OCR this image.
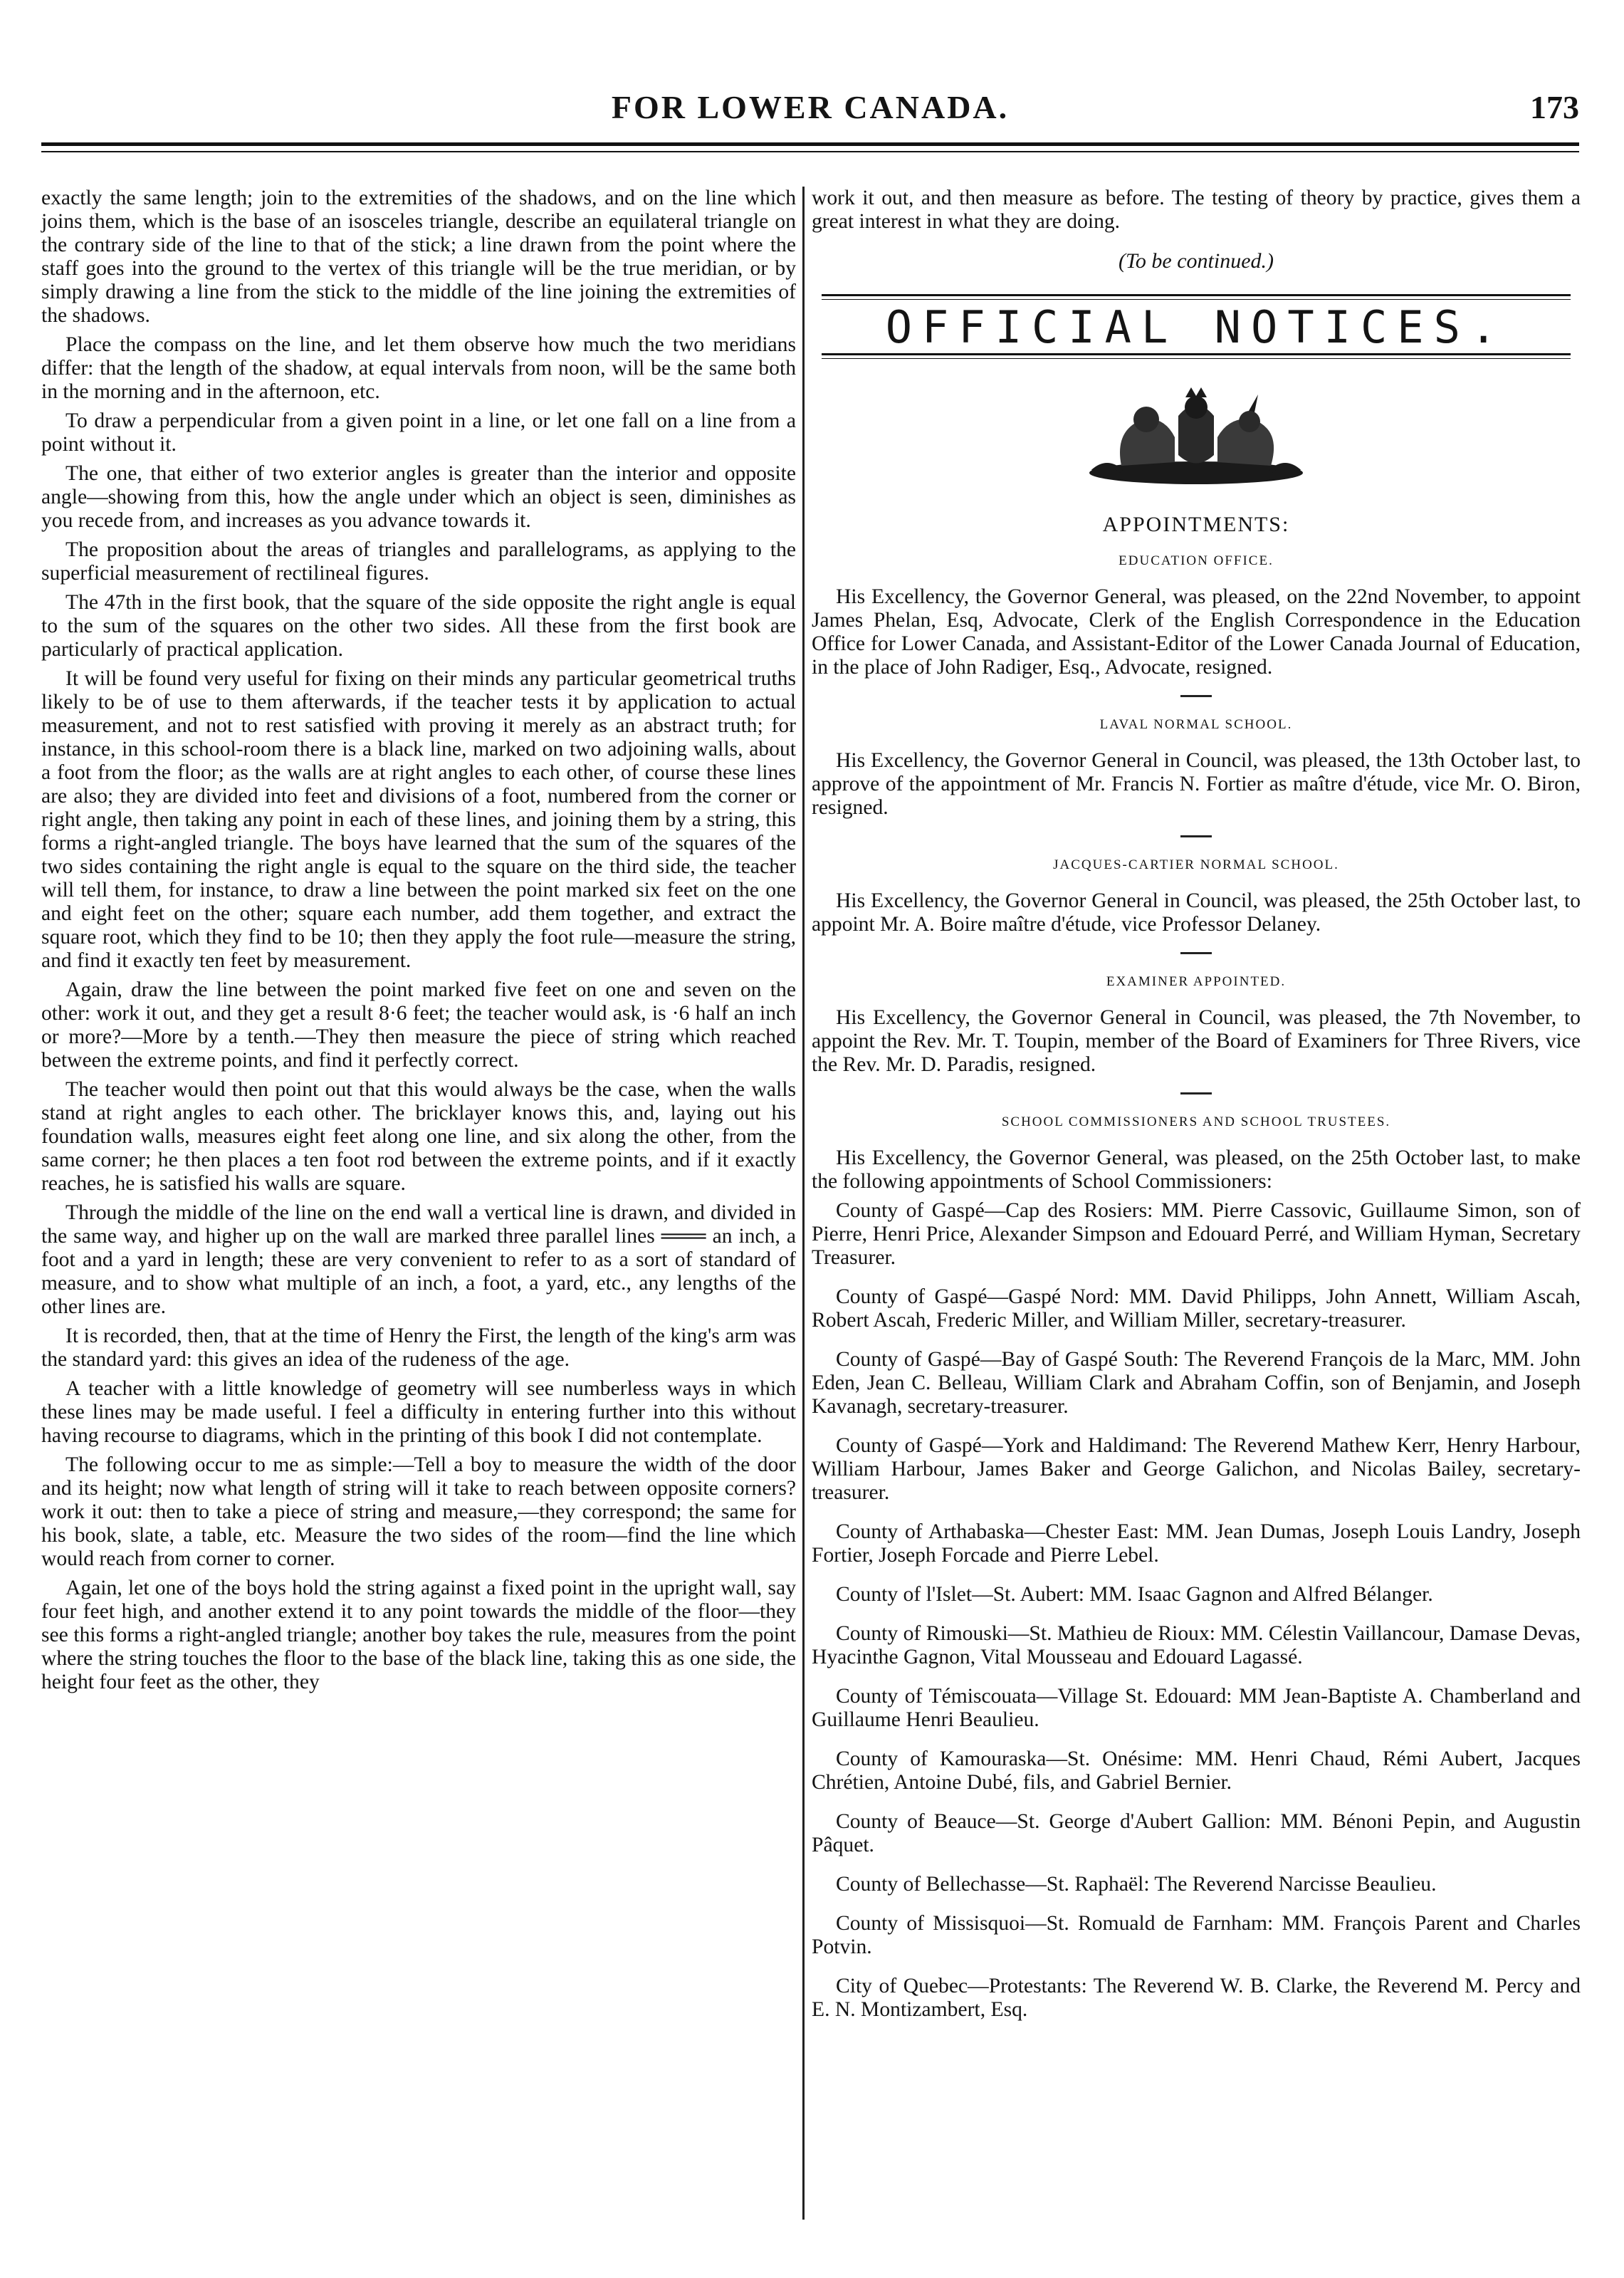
FOR LOWER CANADA.	173

exactly the same length; join to the extremities of the shadows, and on the line which joins them, which is the base of an isosceles triangle, describe an equilateral triangle on the contrary side of the line to that of the stick; a line drawn from the point where the staff goes into the ground to the vertex of this triangle will be the true meridian, or by simply drawing a line from the stick to the middle of the line joining the extremities of the shadows.

Place the compass on the line, and let them observe how much the two meridians differ: that the length of the shadow, at equal intervals from noon, will be the same both in the morning and in the afternoon, etc.

To draw a perpendicular from a given point in a line, or let one fall on a line from a point without it.

The one, that either of two exterior angles is greater than the interior and opposite angle—showing from this, how the angle under which an object is seen, diminishes as you recede from, and increases as you advance towards it.

The proposition about the areas of triangles and parallelograms, as applying to the superficial measurement of rectilineal figures.

The 47th in the first book, that the square of the side opposite the right angle is equal to the sum of the squares on the other two sides. All these from the first book are particularly of practical application.

It will be found very useful for fixing on their minds any particular geometrical truths likely to be of use to them afterwards, if the teacher tests it by application to actual measurement, and not to rest satisfied with proving it merely as an abstract truth; for instance, in this school-room there is a black line, marked on two adjoining walls, about a foot from the floor; as the walls are at right angles to each other, of course these lines are also; they are divided into feet and divisions of a foot, numbered from the corner or right angle, then taking any point in each of these lines, and joining them by a string, this forms a right-angled triangle. The boys have learned that the sum of the squares of the two sides containing the right angle is equal to the square on the third side, the teacher will tell them, for instance, to draw a line between the point marked six feet on the one and eight feet on the other; square each number, add them together, and extract the square root, which they find to be 10; then they apply the foot rule—measure the string, and find it exactly ten feet by measurement.

Again, draw the line between the point marked five feet on one and seven on the other: work it out, and they get a result 8·6 feet; the teacher would ask, is ·6 half an inch or more?—More by a tenth.—They then measure the piece of string which reached between the extreme points, and find it perfectly correct.

The teacher would then point out that this would always be the case, when the walls stand at right angles to each other. The bricklayer knows this, and, laying out his foundation walls, measures eight feet along one line, and six along the other, from the same corner; he then places a ten foot rod between the extreme points, and if it exactly reaches, he is satisfied his walls are square.

Through the middle of the line on the end wall a vertical line is drawn, and divided in the same way, and higher up on the wall are marked three parallel lines ═══ an inch, a foot and a yard in length; these are very convenient to refer to as a sort of standard of measure, and to show what multiple of an inch, a foot, a yard, etc., any lengths of the other lines are.

It is recorded, then, that at the time of Henry the First, the length of the king's arm was the standard yard: this gives an idea of the rudeness of the age.

A teacher with a little knowledge of geometry will see numberless ways in which these lines may be made useful. I feel a difficulty in entering further into this without having recourse to diagrams, which in the printing of this book I did not contemplate.

The following occur to me as simple:—Tell a boy to measure the width of the door and its height; now what length of string will it take to reach between opposite corners? work it out: then to take a piece of string and measure,—they correspond; the same for his book, slate, a table, etc. Measure the two sides of the room—find the line which would reach from corner to corner.

Again, let one of the boys hold the string against a fixed point in the upright wall, say four feet high, and another extend it to any point towards the middle of the floor—they see this forms a right-angled triangle; another boy takes the rule, measures from the point where the string touches the floor to the base of the black line, taking this as one side, the height four feet as the other, they

work it out, and then measure as before. The testing of theory by practice, gives them a great interest in what they are doing.

(To be continued.)
OFFICIAL NOTICES.
APPOINTMENTS:
EDUCATION OFFICE.

His Excellency, the Governor General, was pleased, on the 22nd November, to appoint James Phelan, Esq, Advocate, Clerk of the English Correspondence in the Education Office for Lower Canada, and Assistant-Editor of the Lower Canada Journal of Education, in the place of John Radiger, Esq., Advocate, resigned.

LAVAL NORMAL SCHOOL.

His Excellency, the Governor General in Council, was pleased, the 13th October last, to approve of the appointment of Mr. Francis N. Fortier as maître d'étude, vice Mr. O. Biron, resigned.

JACQUES-CARTIER NORMAL SCHOOL.

His Excellency, the Governor General in Council, was pleased, the 25th October last, to appoint Mr. A. Boire maître d'étude, vice Professor Delaney.

EXAMINER APPOINTED.

His Excellency, the Governor General in Council, was pleased, the 7th November, to appoint the Rev. Mr. T. Toupin, member of the Board of Examiners for Three Rivers, vice the Rev. Mr. D. Paradis, resigned.

SCHOOL COMMISSIONERS AND SCHOOL TRUSTEES.

His Excellency, the Governor General, was pleased, on the 25th October last, to make the following appointments of School Commissioners:

County of Gaspé—Cap des Rosiers: MM. Pierre Cassovic, Guillaume Simon, son of Pierre, Henri Price, Alexander Simpson and Edouard Perré, and William Hyman, Secretary Treasurer.

County of Gaspé—Gaspé Nord: MM. David Philipps, John Annett, William Ascah, Robert Ascah, Frederic Miller, and William Miller, secretary-treasurer.

County of Gaspé—Bay of Gaspé South: The Reverend François de la Marc, MM. John Eden, Jean C. Belleau, William Clark and Abraham Coffin, son of Benjamin, and Joseph Kavanagh, secretary-treasurer.

County of Gaspé—York and Haldimand: The Reverend Mathew Kerr, Henry Harbour, William Harbour, James Baker and George Galichon, and Nicolas Bailey, secretary-treasurer.

County of Arthabaska—Chester East: MM. Jean Dumas, Joseph Louis Landry, Joseph Fortier, Joseph Forcade and Pierre Lebel.

County of l'Islet—St. Aubert: MM. Isaac Gagnon and Alfred Bélanger.

County of Rimouski—St. Mathieu de Rioux: MM. Célestin Vaillancour, Damase Devas, Hyacinthe Gagnon, Vital Mousseau and Edouard Lagassé.

County of Témiscouata—Village St. Edouard: MM Jean-Baptiste A. Chamberland and Guillaume Henri Beaulieu.

County of Kamouraska—St. Onésime: MM. Henri Chaud, Rémi Aubert, Jacques Chrétien, Antoine Dubé, fils, and Gabriel Bernier.

County of Beauce—St. George d'Aubert Gallion: MM. Bénoni Pepin, and Augustin Pâquet.

County of Bellechasse—St. Raphaël: The Reverend Narcisse Beaulieu.

County of Missisquoi—St. Romuald de Farnham: MM. François Parent and Charles Potvin.

City of Quebec—Protestants: The Reverend W. B. Clarke, the Reverend M. Percy and E. N. Montizambert, Esq.
